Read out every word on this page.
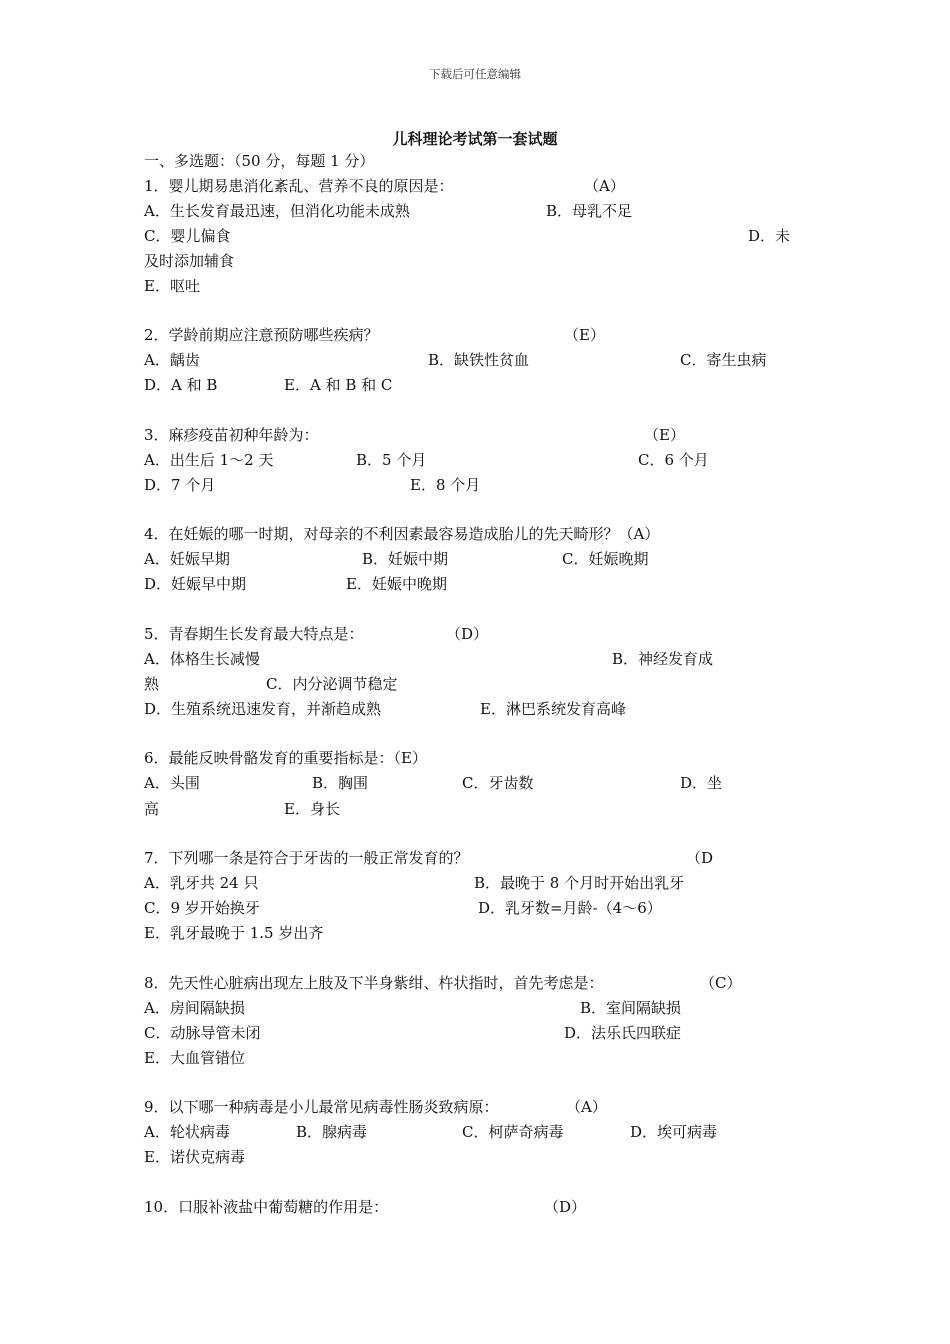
下载后可任意编辑
儿科理论考试第一套试题
一、多选题：（50 分，每题 1 分）
1．婴儿期易患消化紊乱、营养不良的原因是：	（A）
A．生长发育最迅速，但消化功能未成熟	B．母乳不足
C．婴儿偏食	D．未
及时添加辅食
E．呕吐
2．学龄前期应注意预防哪些疾病？	（E）
A．龋齿	B．缺铁性贫血	C．寄生虫病
D．A 和 B	E．A 和 B 和 C
3．麻疹疫苗初种年龄为：	（E）
A．出生后 1～2 天	B．5 个月	C．6 个月
D．7 个月	E．8 个月
4．在妊娠的哪一时期，对母亲的不利因素最容易造成胎儿的先天畸形？（A）
A．妊娠早期	B．妊娠中期	C．妊娠晚期
D．妊娠早中期	E．妊娠中晚期
5．青春期生长发育最大特点是：	（D）
A．体格生长减慢	B．神经发育成
熟	C．内分泌调节稳定
D．生殖系统迅速发育，并渐趋成熟	E．淋巴系统发育高峰
6．最能反映骨骼发育的重要指标是：（E）
A．头围	B．胸围	C．牙齿数	D．坐
高	E．身长
7．下列哪一条是符合于牙齿的一般正常发育的？	（D
A．乳牙共 24 只	B．最晚于 8 个月时开始出乳牙
C．9 岁开始换牙	D．乳牙数=月龄-（4～6）
E．乳牙最晚于 1.5 岁出齐
8．先天性心脏病出现左上肢及下半身紫绀、杵状指时，首先考虑是：	（C）
A．房间隔缺损	B．室间隔缺损
C．动脉导管未闭	D．法乐氏四联症
E．大血管错位
9．以下哪一种病毒是小儿最常见病毒性肠炎致病原：	（A）
A．轮状病毒	B．腺病毒	C．柯萨奇病毒	D．埃可病毒
E．诺伏克病毒
10．口服补液盐中葡萄糖的作用是：	（D）
